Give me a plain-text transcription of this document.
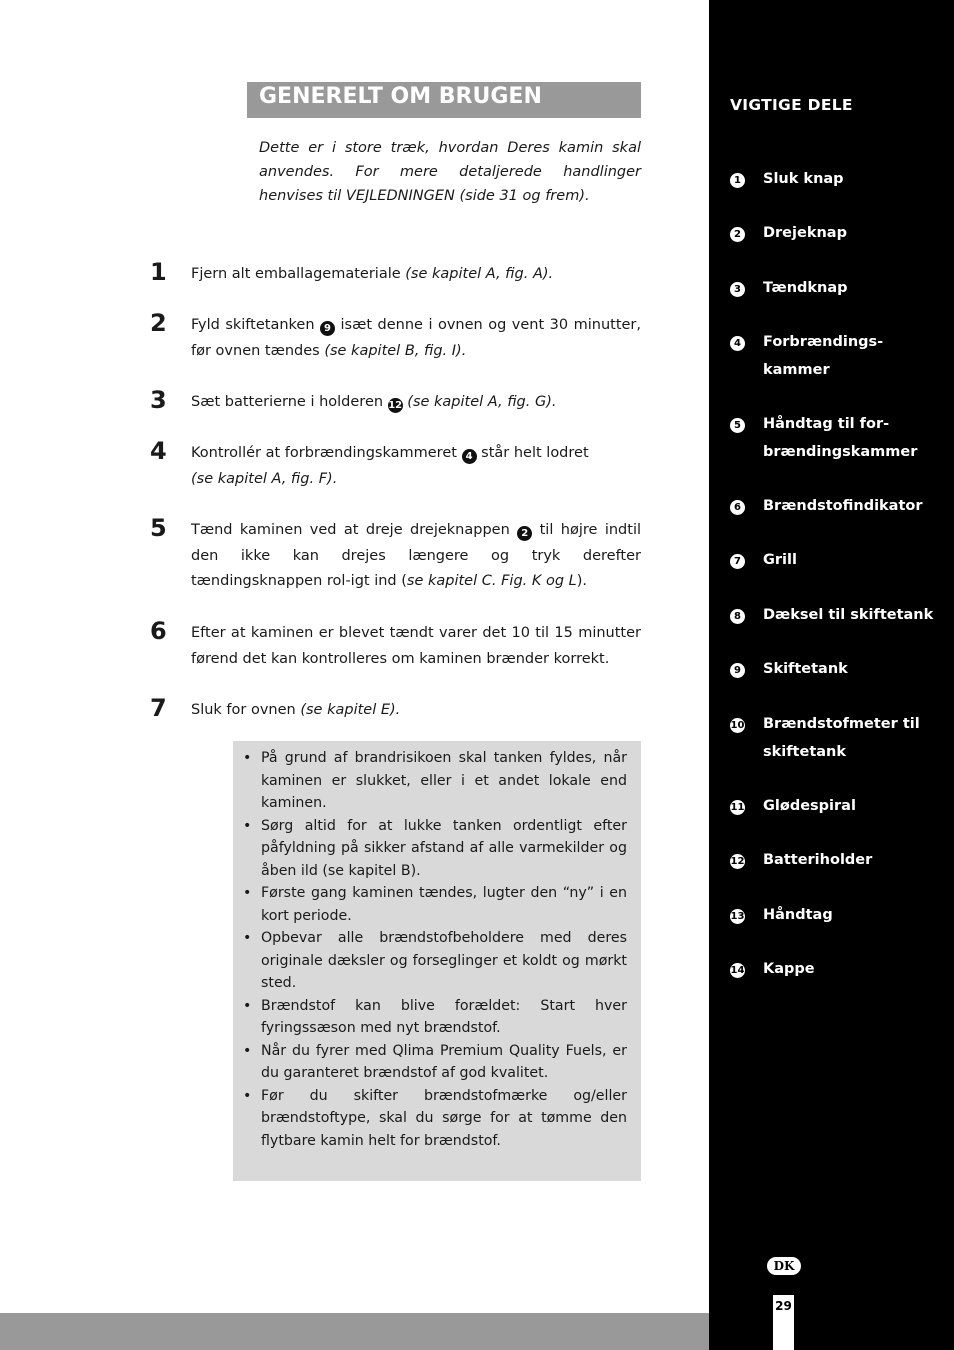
GENERELT OM BRUGEN
Dette er i store træk, hvordan Deres kamin skal anvendes. For mere detaljerede handlinger henvises til VEJLEDNINGEN (side 31 og frem).
1	Fjern alt emballagemateriale (se kapitel A, fig. A).
2	Fyld skiftetanken 9 isæt denne i ovnen og vent 30 minutter, før ovnen tændes (se kapitel B, fig. I).
3	Sæt batterierne i holderen 12 (se kapitel A, fig. G).
4	Kontrollér at forbrændingskammeret 4 står helt lodret
(se kapitel A, fig. F).
5	Tænd kaminen ved at dreje drejeknappen 2 til højre indtil den ikke kan drejes længere og tryk derefter tændingsknappen rol-igt ind (se kapitel C. Fig. K og L).
6	Efter at kaminen er blevet tændt varer det 10 til 15 minutter førend det kan kontrolleres om kaminen brænder korrekt.
7	Sluk for ovnen (se kapitel E).
• På grund af brandrisikoen skal tanken fyldes, når kaminen er slukket, eller i et andet lokale end kaminen.
• Sørg altid for at lukke tanken ordentligt efter påfyldning på sikker afstand af alle varmekilder og åben ild (se kapitel B).
• Første gang kaminen tændes, lugter den “ny” i en kort periode.
• Opbevar alle brændstofbeholdere med deres originale dæksler og forseglinger et koldt og mørkt sted.
• Brændstof kan blive forældet: Start hver fyringssæson med nyt brændstof.
• Når du fyrer med Qlima Premium Quality Fuels, er du garanteret brændstof af god kvalitet.
• Før du skifter brændstofmærke og/eller brændstoftype, skal du sørge for at tømme den flytbare kamin helt for brændstof.
VIGTIGE DELE
1 Sluk knap
2 Drejeknap
3 Tændknap
4 Forbrændings-
kammer
5 Håndtag til for-
brændingskammer
6 Brændstofindikator
7 Grill
8 Dæksel til skiftetank
9 Skiftetank
10 Brændstofmeter til
skiftetank
11 Glødespiral
12 Batteriholder
13 Håndtag
14 Kappe
DK
29
